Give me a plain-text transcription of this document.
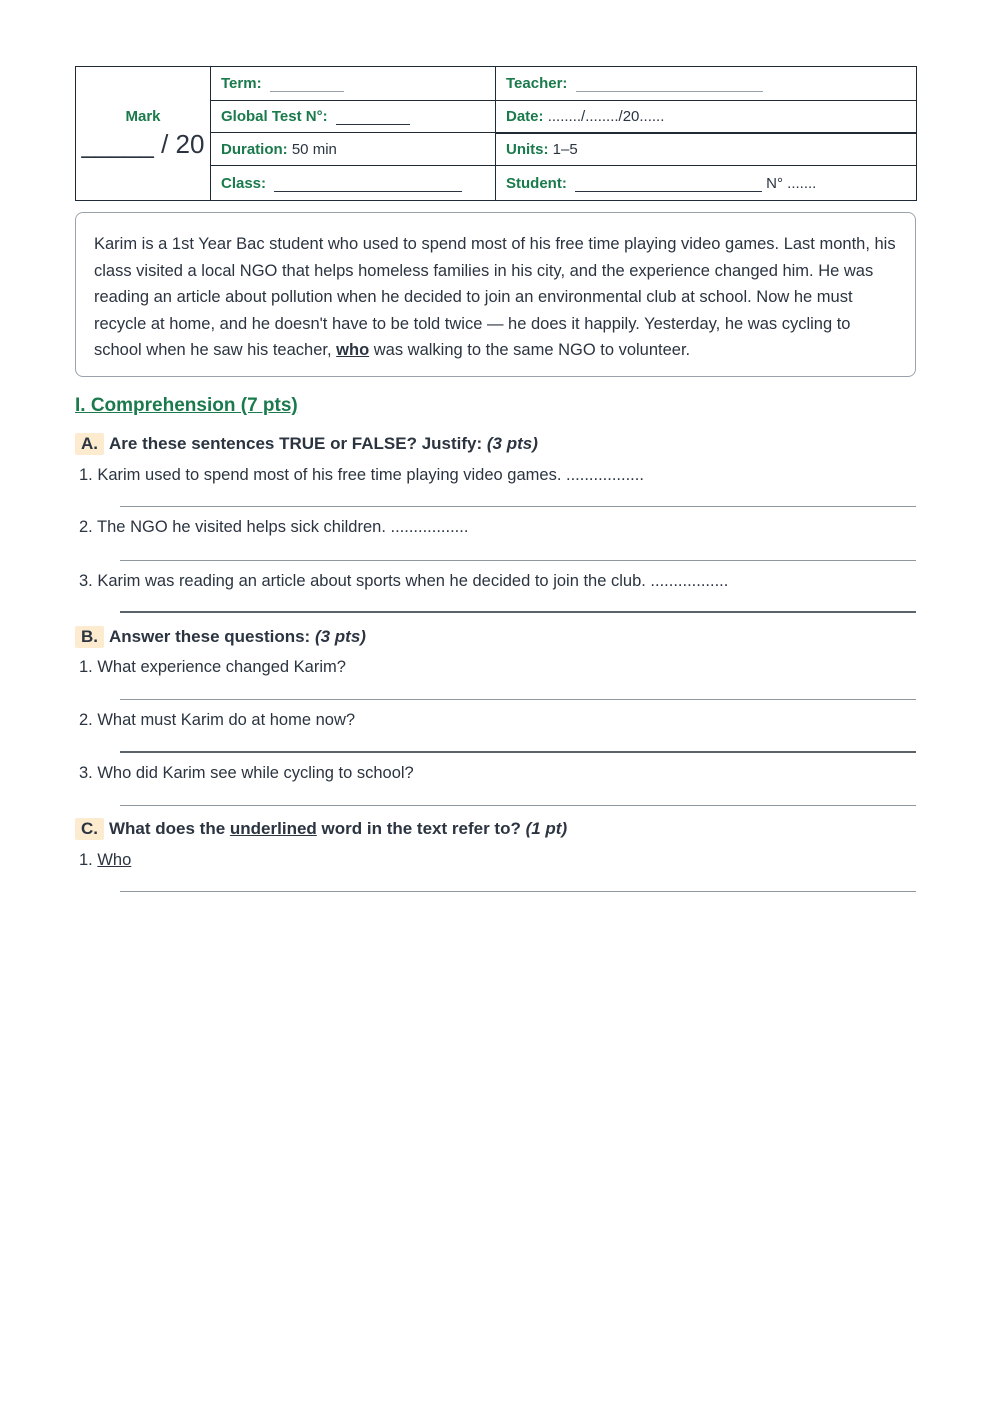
Mark
_____ / 20	Term:	Teacher:
	Global Test N°:	Date: ......../......../20......
	Duration: 50 min	Units: 1–5
	Class:	Student: N° .......
Karim is a 1st Year Bac student who used to spend most of his free time playing video games. Last month, his class visited a local NGO that helps homeless families in his city, and the experience changed him. He was reading an article about pollution when he decided to join an environmental club at school. Now he must recycle at home, and he doesn't have to be told twice — he does it happily. Yesterday, he was cycling to school when he saw his teacher, who was walking to the same NGO to volunteer.
I. Comprehension (7 pts)
A. Are these sentences TRUE or FALSE? Justify: (3 pts)
1. Karim used to spend most of his free time playing video games. .................
2. The NGO he visited helps sick children. .................
3. Karim was reading an article about sports when he decided to join the club. .................
B. Answer these questions: (3 pts)
1. What experience changed Karim?
2. What must Karim do at home now?
3. Who did Karim see while cycling to school?
C. What does the underlined word in the text refer to? (1 pt)
1. Who
